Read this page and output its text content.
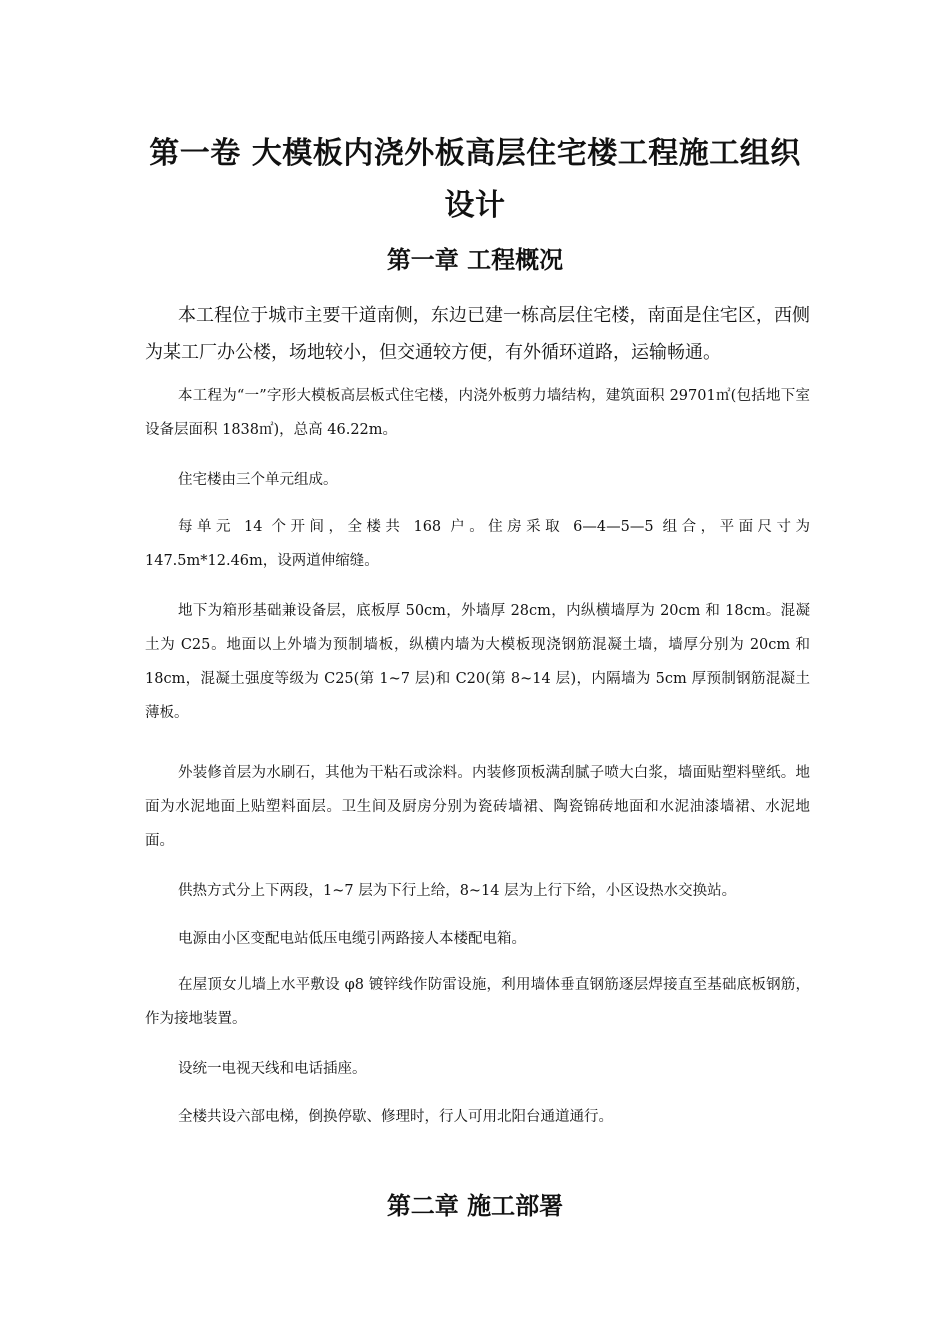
第一卷 大模板内浇外板高层住宅楼工程施工组织设计
第一章 工程概况

本工程位于城市主要干道南侧，东边已建一栋高层住宅楼，南面是住宅区，西侧为某工厂办公楼，场地较小，但交通较方便，有外循环道路，运输畅通。

本工程为“一”字形大模板高层板式住宅楼，内浇外板剪力墙结构，建筑面积 29701㎡(包括地下室设备层面积 1838㎡)，总高 46.22m。

住宅楼由三个单元组成。

每单元 14 个开间，全楼共 168 户。住房采取 6—4—5—5 组合，平面尺寸为 147.5m*12.46m，设两道伸缩缝。

地下为箱形基础兼设备层，底板厚 50cm，外墙厚 28cm，内纵横墙厚为 20cm 和 18cm。混凝土为 C25。地面以上外墙为预制墙板，纵横内墙为大模板现浇钢筋混凝土墙，墙厚分别为 20cm 和 18cm，混凝土强度等级为 C25(第 1~7 层)和 C20(第 8~14 层)，内隔墙为 5cm 厚预制钢筋混凝土薄板。

外装修首层为水刷石，其他为干粘石或涂料。内装修顶板满刮腻子喷大白浆，墙面贴塑料壁纸。地面为水泥地面上贴塑料面层。卫生间及厨房分别为瓷砖墙裙、陶瓷锦砖地面和水泥油漆墙裙、水泥地面。

供热方式分上下两段，1~7 层为下行上给，8~14 层为上行下给，小区设热水交换站。

电源由小区变配电站低压电缆引两路接人本楼配电箱。

在屋顶女儿墙上水平敷设 φ8 镀锌线作防雷设施，利用墙体垂直钢筋逐层焊接直至基础底板钢筋，作为接地装置。

设统一电视天线和电话插座。

全楼共设六部电梯，倒换停歇、修理时，行人可用北阳台通道通行。

第二章 施工部署
